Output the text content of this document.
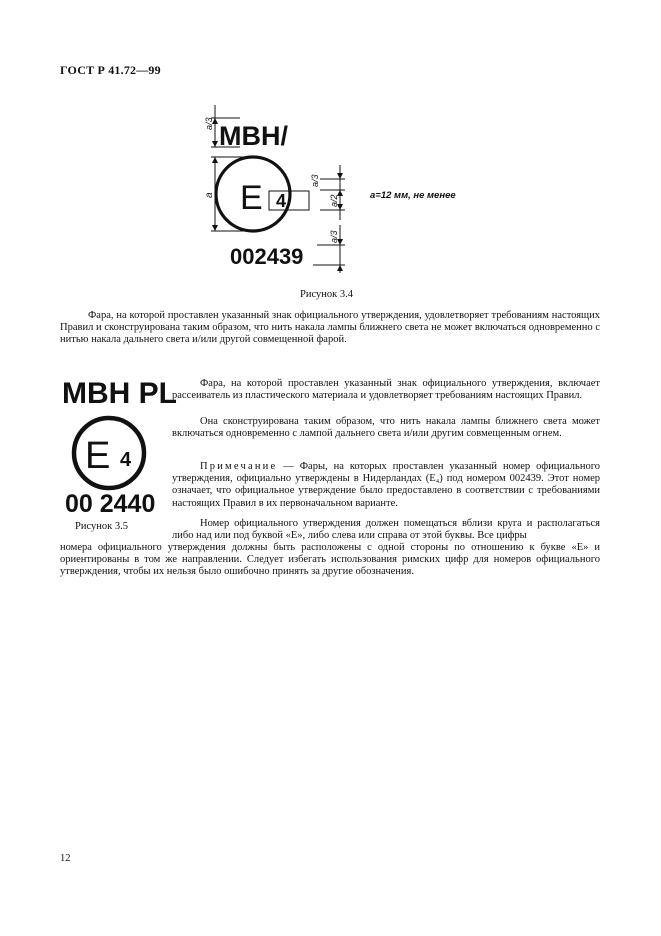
ГОСТ Р 41.72—99
MBH/
E 4
002439
a/3
a
a/3
a/2
a/3
a=12 мм, не менее
Рисунок 3.4
Фара, на которой проставлен указанный знак официального утверждения, удовлетворяет требованиям настоящих Правил и сконструирована таким образом, что нить накала лампы ближнего света не может включаться одновременно с нитью накала дальнего света и/или другой совмещенной фарой.
MBH PL
E 4
00 2440
Рисунок 3.5
Фара, на которой проставлен указанный знак официального утверждения, включает рассеиватель из пластического материала и удовлетворяет требованиям настоящих Правил.
Она сконструирована таким образом, что нить накала лампы ближнего света может включаться одновременно с лампой дальнего света и/или другим совмещенным огнем.
Примечание — Фары, на которых проставлен указанный номер официального утверждения, официально утверждены в Нидерландах (E₄) под номером 002439. Этот номер означает, что официальное утверждение было предоставлено в соответствии с требованиями настоящих Правил в их первоначальном варианте.
Номер официального утверждения должен помещаться вблизи круга и располагаться либо над или под буквой «E», либо слева или справа от этой буквы. Все цифры
номера официального утверждения должны быть расположены с одной стороны по отношению к букве «E» и ориентированы в том же направлении. Следует избегать использования римских цифр для номеров официального утверждения, чтобы их нельзя было ошибочно принять за другие обозначения.
12
